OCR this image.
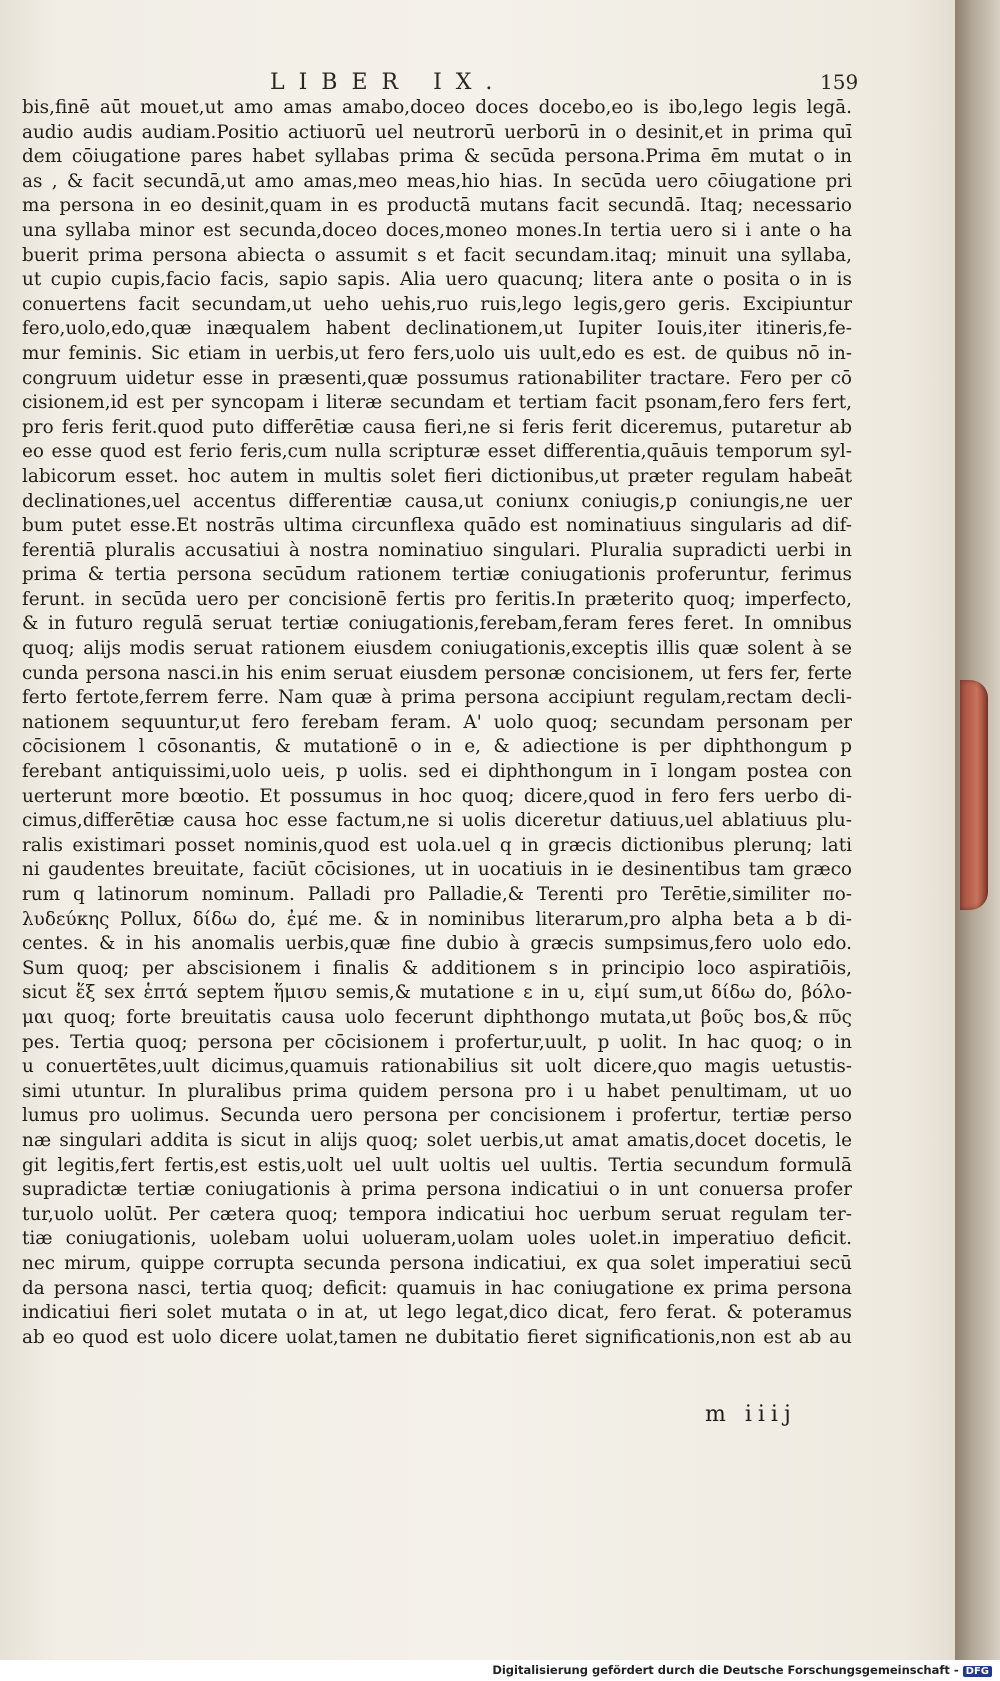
LIBER IX.	159
bis,finē aūt mouet,ut amo amas amabo,doceo doces docebo,eo is ibo,lego legis legā.
audio audis audiam.Positio actiuorū uel neutrorū uerborū in o desinit,et in prima quī
dem cōiugatione pares habet syllabas prima & secūda persona.Prima ēm mutat o in
as , & facit secundā,ut amo amas,meo meas,hio hias. In secūda uero cōiugatione pri
ma persona in eo desinit,quam in es productā mutans facit secundā. Itaq; necessario
una syllaba minor est secunda,doceo doces,moneo mones.In tertia uero si i ante o ha
buerit prima persona abiecta o assumit s et facit secundam.itaq; minuit una syllaba,
ut cupio cupis,facio facis, sapio sapis. Alia uero quacunq; litera ante o posita o in is
conuertens facit secundam,ut ueho uehis,ruo ruis,lego legis,gero geris. Excipiuntur
fero,uolo,edo,quæ inæqualem habent declinationem,ut Iupiter Iouis,iter itineris,fe-
mur feminis. Sic etiam in uerbis,ut fero fers,uolo uis uult,edo es est. de quibus nō in-
congruum uidetur esse in præsenti,quæ possumus rationabiliter tractare. Fero per cō
cisionem,id est per syncopam i literæ secundam et tertiam facit psonam,fero fers fert,
pro feris ferit.quod puto differētiæ causa fieri,ne si feris ferit diceremus, putaretur ab
eo esse quod est ferio feris,cum nulla scripturæ esset differentia,quāuis temporum syl-
labicorum esset. hoc autem in multis solet fieri dictionibus,ut præter regulam habeāt
declinationes,uel accentus differentiæ causa,ut coniunx coniugis,p coniungis,ne uer
bum putet esse.Et nostrās ultima circunflexa quādo est nominatiuus singularis ad dif-
ferentiā pluralis accusatiui à nostra nominatiuo singulari. Pluralia supradicti uerbi in
prima & tertia persona secūdum rationem tertiæ coniugationis proferuntur, ferimus
ferunt. in secūda uero per concisionē fertis pro feritis.In præterito quoq; imperfecto,
& in futuro regulā seruat tertiæ coniugationis,ferebam,feram feres feret. In omnibus
quoq; alijs modis seruat rationem eiusdem coniugationis,exceptis illis quæ solent à se
cunda persona nasci.in his enim seruat eiusdem personæ concisionem, ut fers fer, ferte
ferto fertote,ferrem ferre. Nam quæ à prima persona accipiunt regulam,rectam decli-
nationem sequuntur,ut fero ferebam feram. A' uolo quoq; secundam personam per
cōcisionem l cōsonantis, & mutationē o in e, & adiectione is per diphthongum p
ferebant antiquissimi,uolo ueis, p uolis. sed ei diphthongum in ī longam postea con
uerterunt more bœotio. Et possumus in hoc quoq; dicere,quod in fero fers uerbo di-
cimus,differētiæ causa hoc esse factum,ne si uolis diceretur datiuus,uel ablatiuus plu-
ralis existimari posset nominis,quod est uola.uel q in græcis dictionibus plerunq; lati
ni gaudentes breuitate, faciūt cōcisiones, ut in uocatiuis in ie desinentibus tam græco
rum q latinorum nominum. Palladi pro Palladie,& Terenti pro Terētie,similiter πο-
λυδεύκης Pollux, δίδω do, ἐμέ me. & in nominibus literarum,pro alpha beta a b di-
centes. & in his anomalis uerbis,quæ fine dubio à græcis sumpsimus,fero uolo edo.
Sum quoq; per abscisionem i finalis & additionem s in principio loco aspiratiōis,
sicut ἕξ sex ἑπτά septem ἥμισυ semis,& mutatione ε in u, εἰμί sum,ut δίδω do, βόλο-
μαι quoq; forte breuitatis causa uolo fecerunt diphthongo mutata,ut βοῦς bos,& πῦς
pes. Tertia quoq; persona per cōcisionem i profertur,uult, p uolit. In hac quoq; o in
u conuertētes,uult dicimus,quamuis rationabilius sit uolt dicere,quo magis uetustis-
simi utuntur. In pluralibus prima quidem persona pro i u habet penultimam, ut uo
lumus pro uolimus. Secunda uero persona per concisionem i profertur, tertiæ perso
næ singulari addita is sicut in alijs quoq; solet uerbis,ut amat amatis,docet docetis, le
git legitis,fert fertis,est estis,uolt uel uult uoltis uel uultis. Tertia secundum formulā
supradictæ tertiæ coniugationis à prima persona indicatiui o in unt conuersa profer
tur,uolo uolūt. Per cætera quoq; tempora indicatiui hoc uerbum seruat regulam ter-
tiæ coniugationis, uolebam uolui uolueram,uolam uoles uolet.in imperatiuo deficit.
nec mirum, quippe corrupta secunda persona indicatiui, ex qua solet imperatiui secū
da persona nasci, tertia quoq; deficit: quamuis in hac coniugatione ex prima persona
indicatiui fieri solet mutata o in at, ut lego legat,dico dicat, fero ferat. & poteramus
ab eo quod est uolo dicere uolat,tamen ne dubitatio fieret significationis,non est ab au
m iiij
Digitalisierung gefördert durch die Deutsche Forschungsgemeinschaft - DFG
